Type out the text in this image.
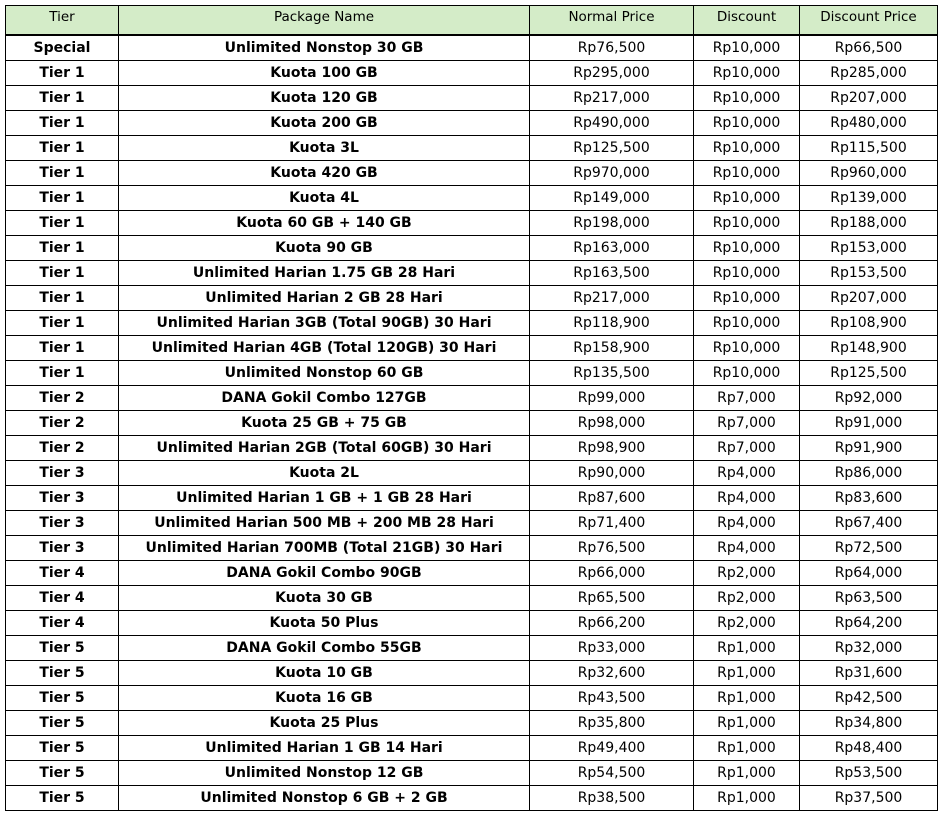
Tier	Package Name	Normal Price	Discount	Discount Price
Special	Unlimited Nonstop 30 GB	Rp76,500	Rp10,000	Rp66,500
Tier 1	Kuota 100 GB	Rp295,000	Rp10,000	Rp285,000
Tier 1	Kuota 120 GB	Rp217,000	Rp10,000	Rp207,000
Tier 1	Kuota 200 GB	Rp490,000	Rp10,000	Rp480,000
Tier 1	Kuota 3L	Rp125,500	Rp10,000	Rp115,500
Tier 1	Kuota 420 GB	Rp970,000	Rp10,000	Rp960,000
Tier 1	Kuota 4L	Rp149,000	Rp10,000	Rp139,000
Tier 1	Kuota 60 GB + 140 GB	Rp198,000	Rp10,000	Rp188,000
Tier 1	Kuota 90 GB	Rp163,000	Rp10,000	Rp153,000
Tier 1	Unlimited Harian 1.75 GB 28 Hari	Rp163,500	Rp10,000	Rp153,500
Tier 1	Unlimited Harian 2 GB 28 Hari	Rp217,000	Rp10,000	Rp207,000
Tier 1	Unlimited Harian 3GB (Total 90GB) 30 Hari	Rp118,900	Rp10,000	Rp108,900
Tier 1	Unlimited Harian 4GB (Total 120GB) 30 Hari	Rp158,900	Rp10,000	Rp148,900
Tier 1	Unlimited Nonstop 60 GB	Rp135,500	Rp10,000	Rp125,500
Tier 2	DANA Gokil Combo 127GB	Rp99,000	Rp7,000	Rp92,000
Tier 2	Kuota 25 GB + 75 GB	Rp98,000	Rp7,000	Rp91,000
Tier 2	Unlimited Harian 2GB (Total 60GB) 30 Hari	Rp98,900	Rp7,000	Rp91,900
Tier 3	Kuota 2L	Rp90,000	Rp4,000	Rp86,000
Tier 3	Unlimited Harian 1 GB + 1 GB 28 Hari	Rp87,600	Rp4,000	Rp83,600
Tier 3	Unlimited Harian 500 MB + 200 MB 28 Hari	Rp71,400	Rp4,000	Rp67,400
Tier 3	Unlimited Harian 700MB (Total 21GB) 30 Hari	Rp76,500	Rp4,000	Rp72,500
Tier 4	DANA Gokil Combo 90GB	Rp66,000	Rp2,000	Rp64,000
Tier 4	Kuota 30 GB	Rp65,500	Rp2,000	Rp63,500
Tier 4	Kuota 50 Plus	Rp66,200	Rp2,000	Rp64,200
Tier 5	DANA Gokil Combo 55GB	Rp33,000	Rp1,000	Rp32,000
Tier 5	Kuota 10 GB	Rp32,600	Rp1,000	Rp31,600
Tier 5	Kuota 16 GB	Rp43,500	Rp1,000	Rp42,500
Tier 5	Kuota 25 Plus	Rp35,800	Rp1,000	Rp34,800
Tier 5	Unlimited Harian 1 GB 14 Hari	Rp49,400	Rp1,000	Rp48,400
Tier 5	Unlimited Nonstop 12 GB	Rp54,500	Rp1,000	Rp53,500
Tier 5	Unlimited Nonstop 6 GB + 2 GB	Rp38,500	Rp1,000	Rp37,500
